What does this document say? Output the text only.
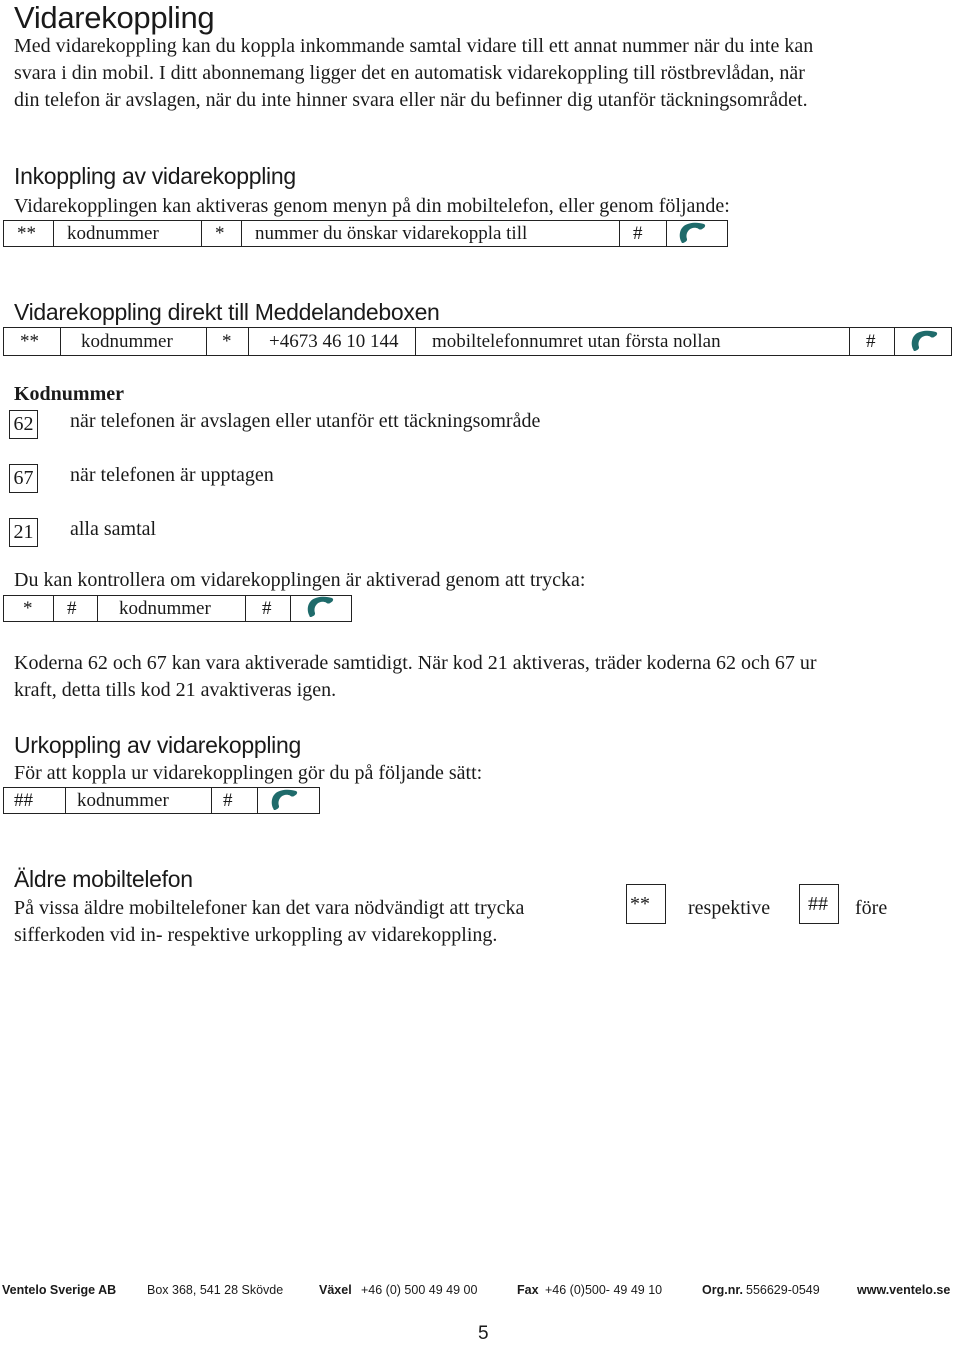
Vidarekoppling
Med vidarekoppling kan du koppla inkommande samtal vidare till ett annat nummer när du inte kan
svara i din mobil. I ditt abonnemang ligger det en automatisk vidarekoppling till röstbrevlådan, när
din telefon är avslagen, när du inte hinner svara eller när du befinner dig utanför täckningsområdet.
Inkoppling av vidarekoppling
Vidarekopplingen kan aktiveras genom menyn på din mobiltelefon, eller genom följande:
**	kodnummer	*	nummer du önskar vidarekoppla till	#
Vidarekoppling direkt till Meddelandeboxen
**	kodnummer	*	+4673 46 10 144	mobiltelefonnumret utan första nollan	#
Kodnummer
62 när telefonen är avslagen eller utanför ett täckningsområde
67 när telefonen är upptagen
21 alla samtal
Du kan kontrollera om vidarekopplingen är aktiverad genom att trycka:
*	#	kodnummer	#
Koderna 62 och 67 kan vara aktiverade samtidigt. När kod 21 aktiveras, träder koderna 62 och 67 ur
kraft, detta tills kod 21 avaktiveras igen.
Urkoppling av vidarekoppling
För att koppla ur vidarekopplingen gör du på följande sätt:
##	kodnummer	#
Äldre mobiltelefon
På vissa äldre mobiltelefoner kan det vara nödvändigt att trycka	**	respektive	##	före
sifferkoden vid in- respektive urkoppling av vidarekoppling.
Ventelo Sverige AB Box 368, 541 28 Skövde	Växel +46 (0) 500 49 49 00	Fax +46 (0)500- 49 49 10	Org.nr. 556629-0549	www.ventelo.se
5
